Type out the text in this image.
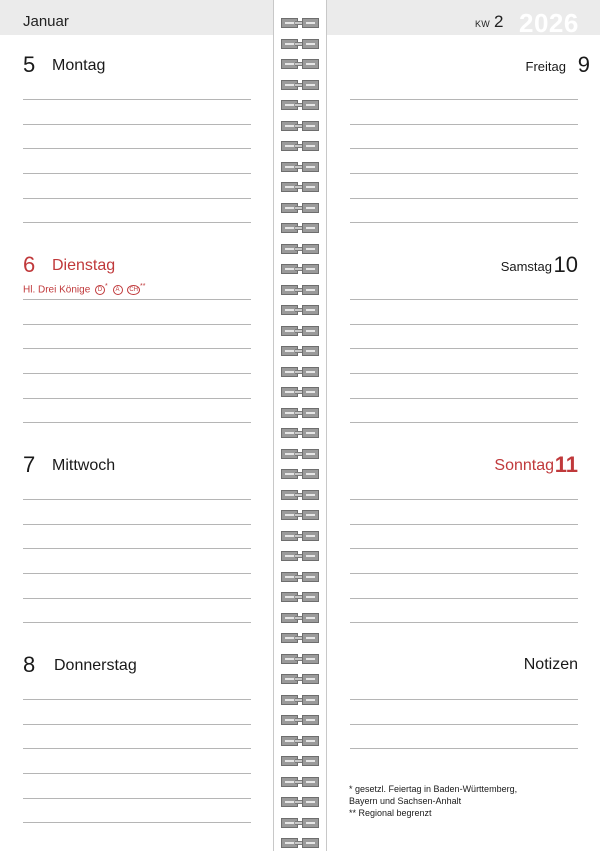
Januar
5 Montag
6 Dienstag
Hl. Drei Könige D * A CH **
7 Mittwoch
8 Donnerstag
KW 2 2026
Freitag 9
Samstag 10
Sonntag 11
Notizen
* gesetzl. Feiertag in Baden-Württemberg,
Bayern und Sachsen-Anhalt
** Regional begrenzt
